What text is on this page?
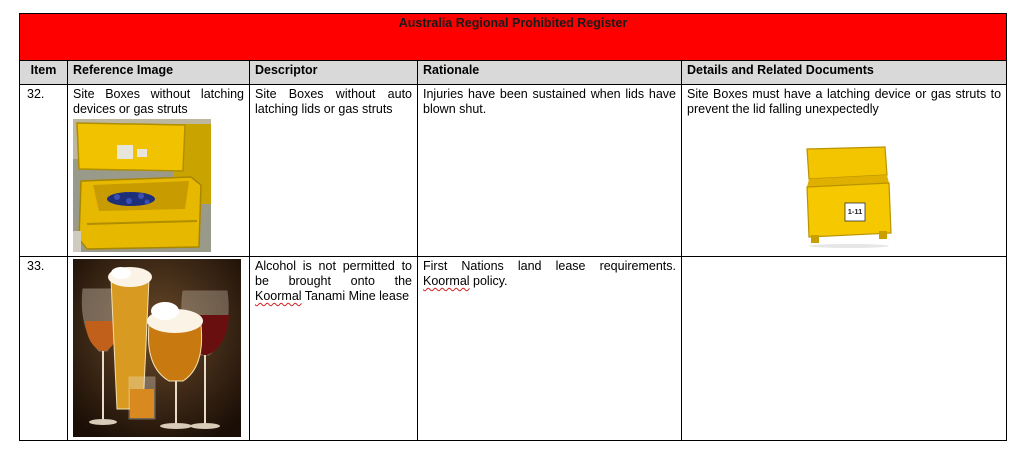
Australia Regional Prohibited Register				
Item	Reference Image	Descriptor	Rationale	Details and Related Documents
32.	Site Boxes without latching devices or gas struts	Site Boxes without auto latching lids or gas struts	Injuries have been sustained when lids have blown shut.	Site Boxes must have a latching device or gas struts to prevent the lid falling unexpectedly
1-11

33.		Alcohol is not permitted to be brought onto the Koormal Tanami Mine lease	First Nations land lease requirements. Koormal policy.	
